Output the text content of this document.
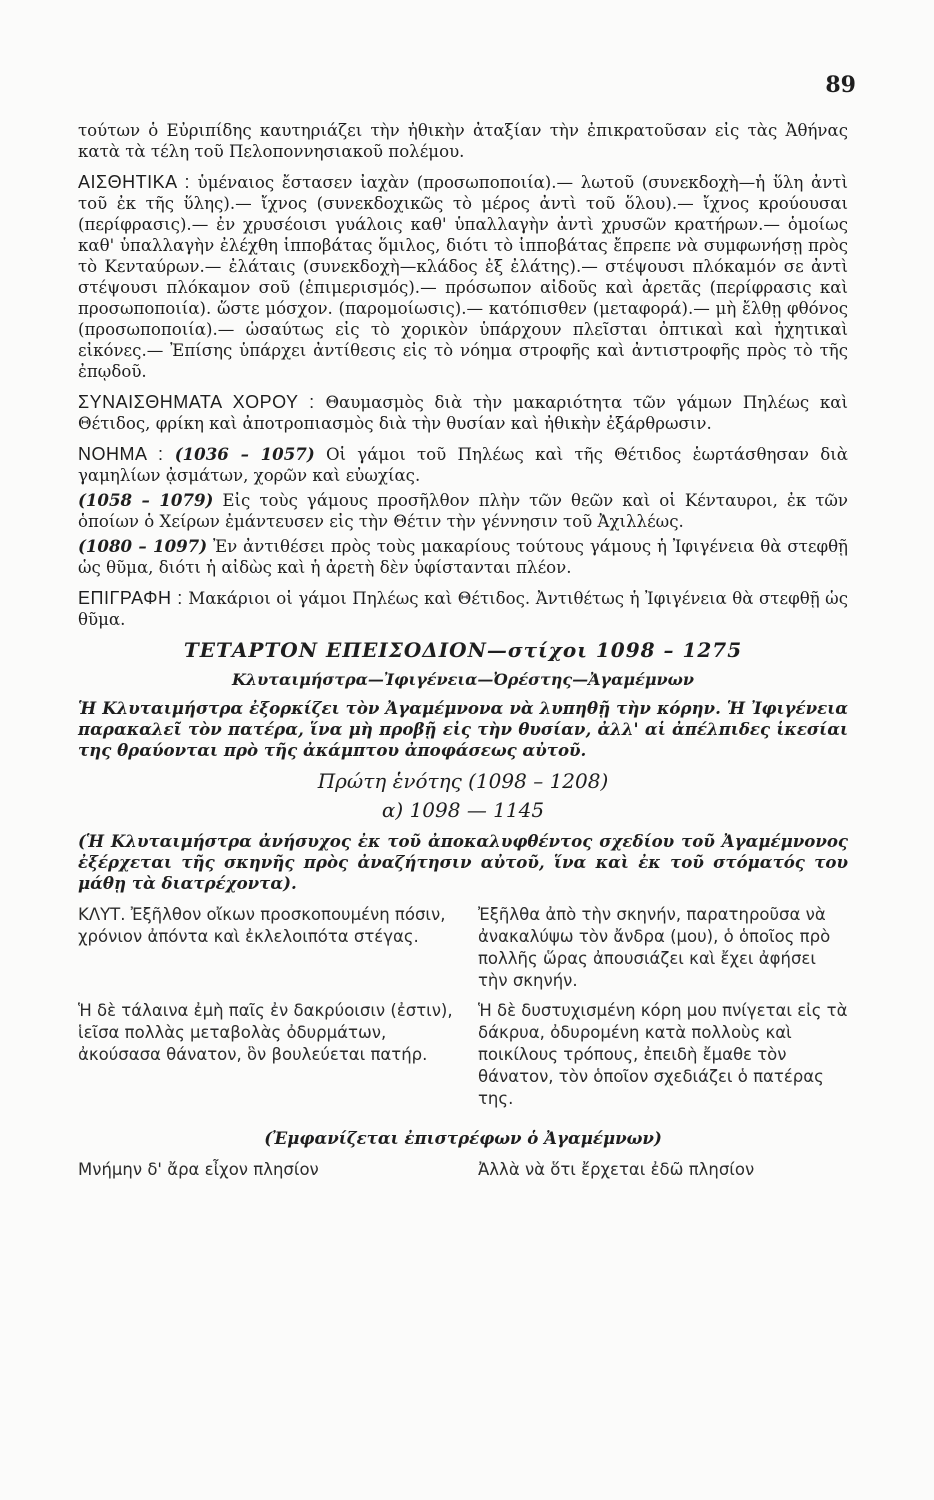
89

τούτων ὁ Εὐριπίδης καυτηριάζει τὴν ἠθικὴν ἀταξίαν τὴν ἐπικρατοῦσαν εἰς τὰς Ἀθήνας κατὰ τὰ τέλη τοῦ Πελοποννησιακοῦ πολέμου.

ΑΙΣΘΗΤΙΚΑ : ὑμέναιος ἔστασεν ἰαχὰν (προσωποποιία).— λωτοῦ (συνεκδοχὴ—ἡ ὕλη ἀντὶ τοῦ ἐκ τῆς ὕλης).— ἴχνος (συνεκδοχικῶς τὸ μέρος ἀντὶ τοῦ ὅλου).— ἴχνος κρούουσαι (περίφρασις).— ἐν χρυσέοισι γυάλοις καθ' ὑπαλλαγὴν ἀντὶ χρυσῶν κρατήρων.— ὁμοίως καθ' ὑπαλλαγὴν ἐλέχθη ἱπποβάτας ὅμιλος, διότι τὸ ἱπποβάτας ἔπρεπε νὰ συμφωνήσῃ πρὸς τὸ Κενταύρων.— ἐλάταις (συνεκδοχὴ—κλάδος ἐξ ἐλάτης).— στέψουσι πλόκαμόν σε ἀντὶ στέψουσι πλόκαμον σοῦ (ἐπιμερισμός).— πρόσωπον αἰδοῦς καὶ ἀρετᾶς (περίφρασις καὶ προσωποποιία). ὥστε μόσχον. (παρομοίωσις).— κατόπισθεν (μεταφορά).— μὴ ἔλθῃ φθόνος (προσωποποιία).— ὡσαύτως εἰς τὸ χορικὸν ὑπάρχουν πλεῖσται ὀπτικαὶ καὶ ἠχητικαὶ εἰκόνες.— Ἐπίσης ὑπάρχει ἀντίθεσις εἰς τὸ νόημα στροφῆς καὶ ἀντιστροφῆς πρὸς τὸ τῆς ἐπῳδοῦ.

ΣΥΝΑΙΣΘΗΜΑΤΑ ΧΟΡΟΥ : Θαυμασμὸς διὰ τὴν μακαριότητα τῶν γάμων Πηλέως καὶ Θέτιδος, φρίκη καὶ ἀποτροπιασμὸς διὰ τὴν θυσίαν καὶ ἠθικὴν ἐξάρθρωσιν.

ΝΟΗΜΑ : (1036 – 1057) Οἱ γάμοι τοῦ Πηλέως καὶ τῆς Θέτιδος ἑωρτάσθησαν διὰ γαμηλίων ᾀσμάτων, χορῶν καὶ εὐωχίας.

(1058 – 1079) Εἰς τοὺς γάμους προσῆλθον πλὴν τῶν θεῶν καὶ οἱ Κένταυροι, ἐκ τῶν ὁποίων ὁ Χείρων ἐμάντευσεν εἰς τὴν Θέτιν τὴν γέννησιν τοῦ Ἀχιλλέως.

(1080 – 1097) Ἐν ἀντιθέσει πρὸς τοὺς μακαρίους τούτους γάμους ἡ Ἰφιγένεια θὰ στεφθῇ ὡς θῦμα, διότι ἡ αἰδὼς καὶ ἡ ἀρετὴ δὲν ὑφίστανται πλέον.

ΕΠΙΓΡΑΦΗ : Μακάριοι οἱ γάμοι Πηλέως καὶ Θέτιδος. Ἀντιθέτως ἡ Ἰφιγένεια θὰ στεφθῇ ὡς θῦμα.

ΤΕΤΑΡΤΟΝ ΕΠΕΙΣΟΔΙΟΝ—στίχοι 1098 – 1275
Κλυταιμήστρα—Ἰφιγένεια—Ὀρέστης—Ἀγαμέμνων

Ἡ Κλυταιμήστρα ἐξορκίζει τὸν Ἀγαμέμνονα νὰ λυπηθῇ τὴν κόρην. Ἡ Ἰφιγένεια παρακαλεῖ τὸν πατέρα, ἵνα μὴ προβῇ εἰς τὴν θυσίαν, ἀλλ' αἱ ἀπέλπιδες ἱκεσίαι της θραύονται πρὸ τῆς ἀκάμπτου ἀποφάσεως αὐτοῦ.

Πρώτη ἑνότης (1098 – 1208)
α) 1098 — 1145

(Ἡ Κλυταιμήστρα ἀνήσυχος ἐκ τοῦ ἀποκαλυφθέντος σχεδίου τοῦ Ἀγαμέμνονος ἐξέρχεται τῆς σκηνῆς πρὸς ἀναζήτησιν αὐτοῦ, ἵνα καὶ ἐκ τοῦ στόματός του μάθῃ τὰ διατρέχοντα).

ΚΛΥΤ. Ἐξῆλθον οἴκων προσκοπουμένη πόσιν, χρόνιον ἀπόντα καὶ ἐκλελοιπότα στέγας.
Ἐξῆλθα ἀπὸ τὴν σκηνήν, παρατηροῦσα νὰ ἀνακαλύψω τὸν ἄνδρα (μου), ὁ ὁποῖος πρὸ πολλῆς ὥρας ἀπουσιάζει καὶ ἔχει ἀφήσει τὴν σκηνήν.
Ἡ δὲ τάλαινα ἐμὴ παῖς ἐν δακρύοισιν (ἐστιν), ἱεῖσα πολλὰς μεταβολὰς ὀδυρμάτων, ἀκούσασα θάνατον, ὃν βουλεύεται πατήρ.
Ἡ δὲ δυστυχισμένη κόρη μου πνίγεται εἰς τὰ δάκρυα, ὀδυρομένη κατὰ πολλοὺς καὶ ποικίλους τρόπους, ἐπειδὴ ἔμαθε τὸν θάνατον, τὸν ὁποῖον σχεδιάζει ὁ πατέρας της.
(Ἐμφανίζεται ἐπιστρέφων ὁ Ἀγαμέμνων)
Μνήμην δ' ἄρα εἶχον πλησίον	Ἀλλὰ νὰ ὅτι ἔρχεται ἐδῶ πλησίον
